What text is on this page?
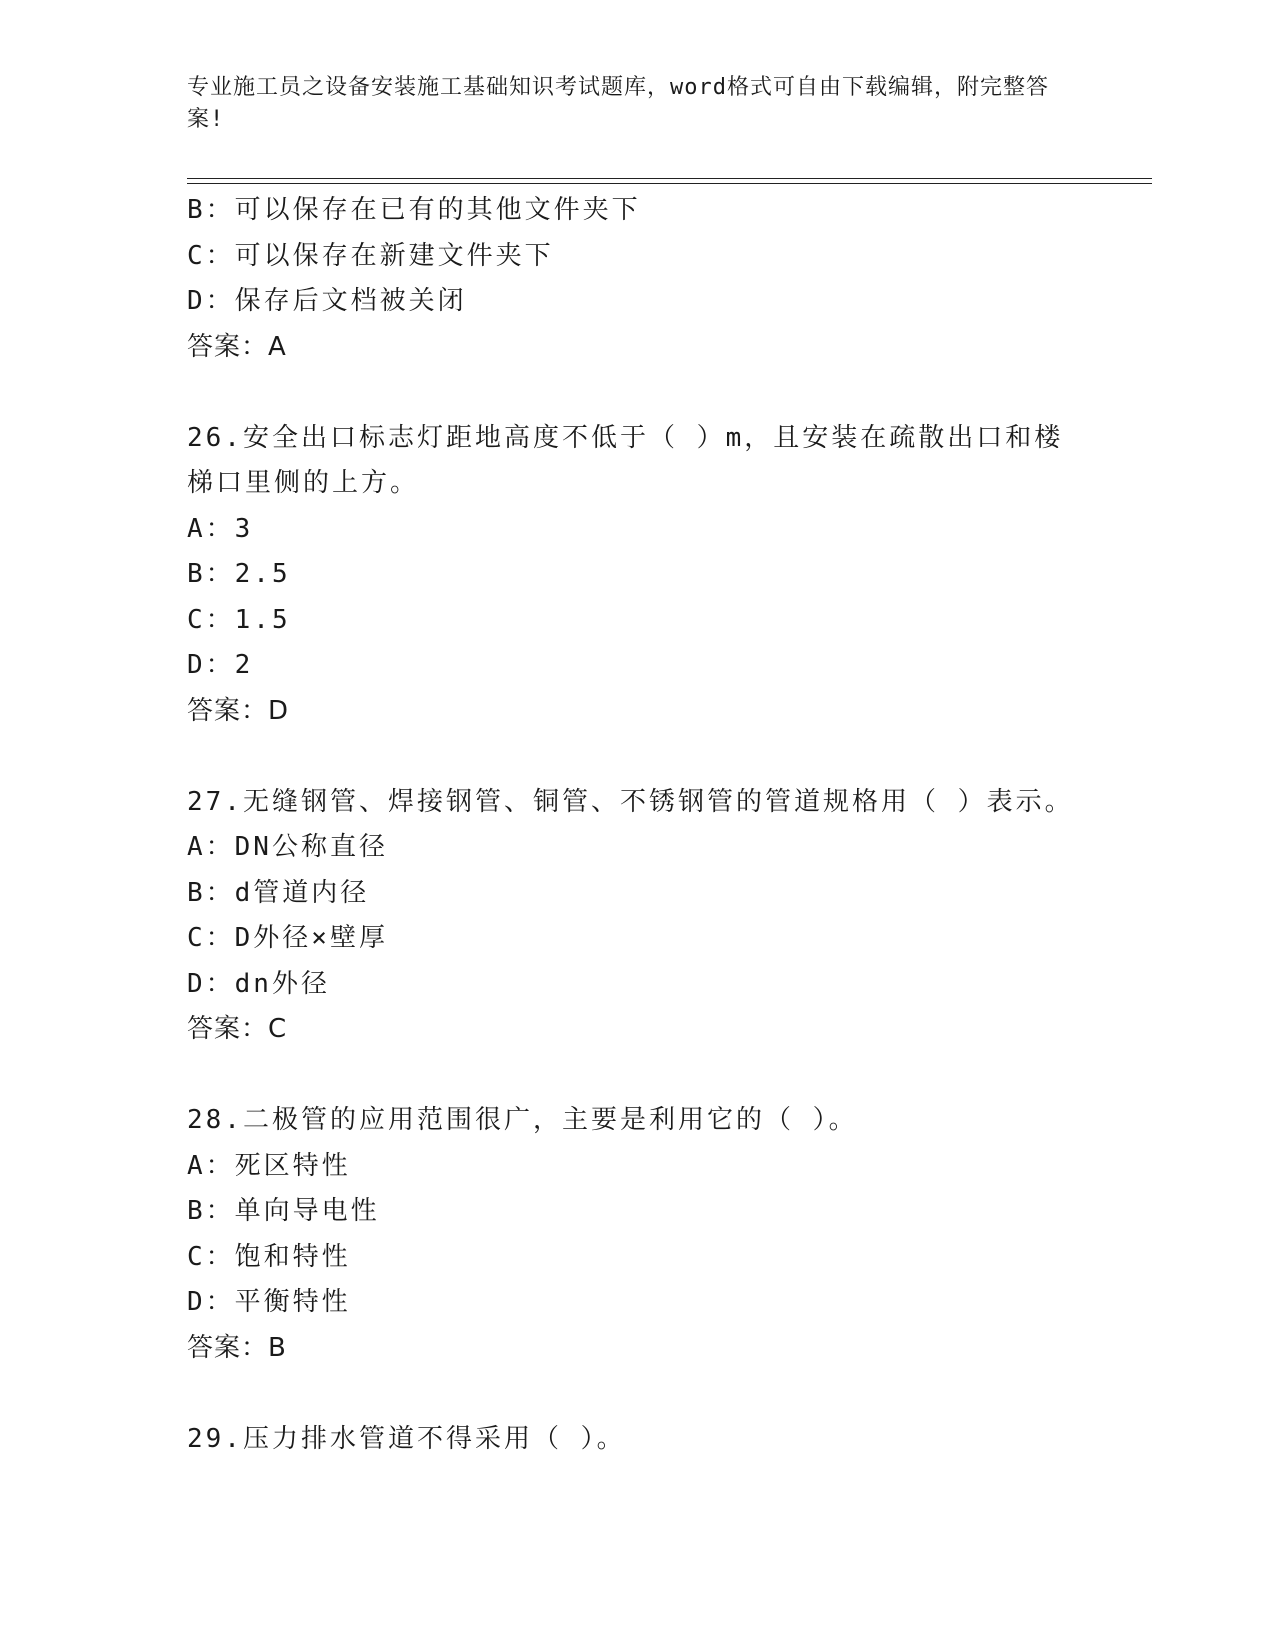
专业施工员之设备安装施工基础知识考试题库，word格式可自由下载编辑，附完整答案!
B：可以保存在已有的其他文件夹下
C：可以保存在新建文件夹下
D：保存后文档被关闭
答案：A
26.安全出口标志灯距地高度不低于（ ）m，且安装在疏散出口和楼梯口里侧的上方。
A：3
B：2.5
C：1.5
D：2
答案：D
27.无缝钢管、焊接钢管、铜管、不锈钢管的管道规格用（ ）表示。
A：DN公称直径
B：d管道内径
C：D外径×壁厚
D：dn外径
答案：C
28.二极管的应用范围很广，主要是利用它的（ ）。
A：死区特性
B：单向导电性
C：饱和特性
D：平衡特性
答案：B
29.压力排水管道不得采用（ ）。
